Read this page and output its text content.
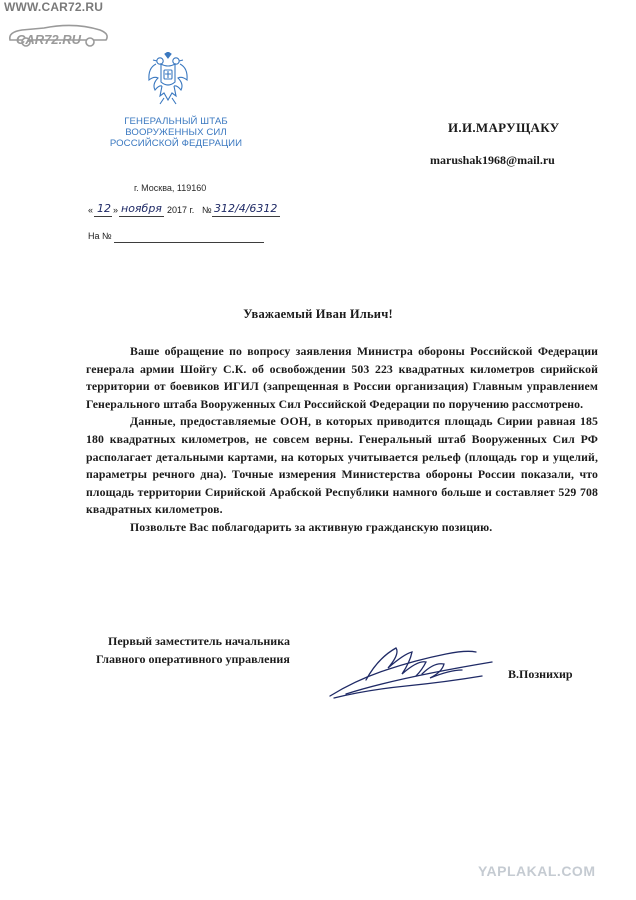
WWW.CAR72.RU
CAR72.RU
ГЕНЕРАЛЬНЫЙ ШТАБ
ВООРУЖЕННЫХ СИЛ
РОССИЙСКОЙ ФЕДЕРАЦИИ
г. Москва, 119160
« 12 » ноября 2017 г. № 312/4/6312
На №
И.И.МАРУЩАКУ
marushak1968@mail.ru
Уважаемый Иван Ильич!

Ваше обращение по вопросу заявления Министра обороны Российской Федерации генерала армии Шойгу С.К. об освобождении 503 223 квадратных километров сирийской территории от боевиков ИГИЛ (запрещенная в России организация) Главным управлением Генерального штаба Вооруженных Сил Российской Федерации по поручению рассмотрено.

Данные, предоставляемые ООН, в которых приводится площадь Сирии равная 185 180 квадратных километров, не совсем верны. Генеральный штаб Вооруженных Сил РФ располагает детальными картами, на которых учитывается рельеф (площадь гор и ущелий, параметры речного дна). Точные измерения Министерства обороны России показали, что площадь территории Сирийской Арабской Республики намного больше и составляет 529 708 квадратных километров.

Позвольте Вас поблагодарить за активную гражданскую позицию.

Первый заместитель начальника
Главного оперативного управления
В.Познихир
YAPLAKAL.COM
